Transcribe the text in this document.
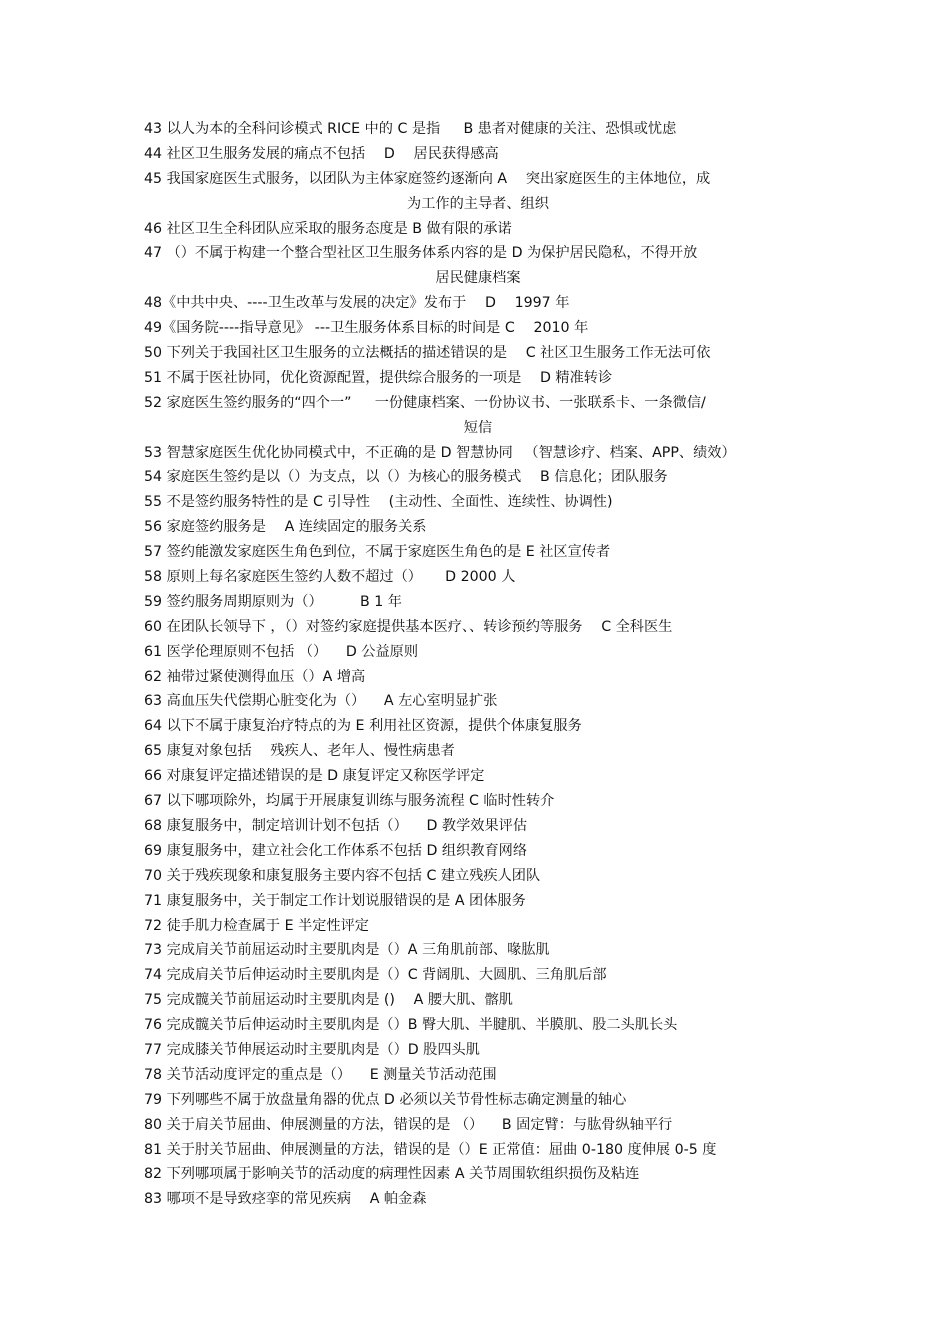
43 以人为本的全科问诊模式 RICE 中的 C 是指 　 B 患者对健康的关注、恐惧或忧虑
44 社区卫生服务发展的痛点不包括 　D 　居民获得感高
45 我国家庭医生式服务，以团队为主体家庭签约逐渐向 A 　突出家庭医生的主体地位，成
为工作的主导者、组织
46 社区卫生全科团队应采取的服务态度是 B 做有限的承诺
47 （）不属于构建一个整合型社区卫生服务体系内容的是 D 为保护居民隐私，不得开放
居民健康档案
48《中共中央、----卫生改革与发展的决定》发布于 　D 　1997 年
49《国务院----指导意见》 ---卫生服务体系目标的时间是 C 　2010 年
50 下列关于我国社区卫生服务的立法概括的描述错误的是 　C 社区卫生服务工作无法可依
51 不属于医社协同，优化资源配置，提供综合服务的一项是 　D 精准转诊
52 家庭医生签约服务的“四个一” 　 一份健康档案、一份协议书、一张联系卡、一条微信/
短信
53 智慧家庭医生优化协同模式中，不正确的是 D 智慧协同 　（智慧诊疗、档案、APP、绩效）
54 家庭医生签约是以（）为支点，以（）为核心的服务模式 　B 信息化；团队服务
55 不是签约服务特性的是 C 引导性 　(主动性、全面性、连续性、协调性)
56 家庭签约服务是 　A 连续固定的服务关系
57 签约能激发家庭医生角色到位，不属于家庭医生角色的是 E 社区宣传者
58 原则上每名家庭医生签约人数不超过（） 　 D 2000 人
59 签约服务周期原则为（） 　　 B 1 年
60 在团队长领导下 ，（）对签约家庭提供基本医疗、、转诊预约等服务 　C 全科医生
61 医学伦理原则不包括 （） 　D 公益原则
62 袖带过紧使测得血压（）A 增高
63 高血压失代偿期心脏变化为（） 　A 左心室明显扩张
64 以下不属于康复治疗特点的为 E 利用社区资源，提供个体康复服务
65 康复对象包括 　残疾人、老年人、慢性病患者
66 对康复评定描述错误的是 D 康复评定又称医学评定
67 以下哪项除外，均属于开展康复训练与服务流程 C 临时性转介
68 康复服务中，制定培训计划不包括（） 　D 教学效果评估
69 康复服务中，建立社会化工作体系不包括 D 组织教育网络
70 关于残疾现象和康复服务主要内容不包括 C 建立残疾人团队
71 康复服务中，关于制定工作计划说服错误的是 A 团体服务
72 徒手肌力检查属于 E 半定性评定
73 完成肩关节前屈运动时主要肌肉是（）A 三角肌前部、喙肱肌
74 完成肩关节后伸运动时主要肌肉是（）C 背阔肌、大圆肌、三角肌后部
75 完成髋关节前屈运动时主要肌肉是 () 　A 腰大肌、髂肌
76 完成髋关节后伸运动时主要肌肉是（）B 臀大肌、半腱肌、半膜肌、股二头肌长头
77 完成膝关节伸展运动时主要肌肉是（）D 股四头肌
78 关节活动度评定的重点是（） 　E 测量关节活动范围
79 下列哪些不属于放盘量角器的优点 D 必须以关节骨性标志确定测量的轴心
80 关于肩关节屈曲、伸展测量的方法，错误的是 （） 　B 固定臂：与肱骨纵轴平行
81 关于肘关节屈曲、伸展测量的方法，错误的是（）E 正常值：屈曲 0-180 度伸展 0-5 度
82 下列哪项属于影响关节的活动度的病理性因素 A 关节周围软组织损伤及粘连
83 哪项不是导致痉挛的常见疾病 　A 帕金森
